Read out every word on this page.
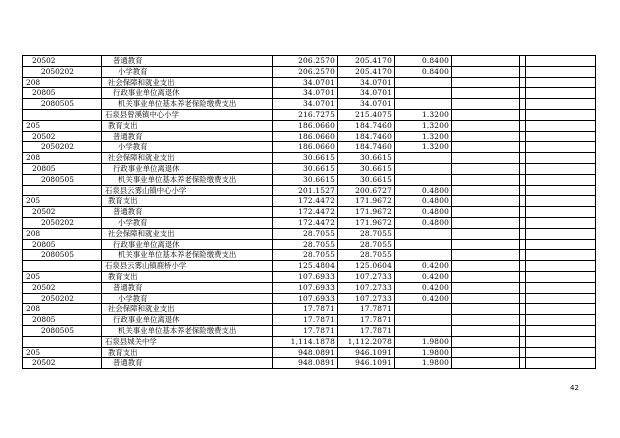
20502	普通教育	206.2570	205.4170	0.8400			
2050202	小学教育	206.2570	205.4170	0.8400			
208	社会保障和就业支出	34.0701	34.0701				
20805	行政事业单位离退休	34.0701	34.0701				
2080505	机关事业单位基本养老保险缴费支出	34.0701	34.0701				
	石泉县曾溪镇中心小学	216.7275	215.4075	1.3200			
205	教育支出	186.0660	184.7460	1.3200			
20502	普通教育	186.0660	184.7460	1.3200			
2050202	小学教育	186.0660	184.7460	1.3200			
208	社会保障和就业支出	30.6615	30.6615				
20805	行政事业单位离退休	30.6615	30.6615				
2080505	机关事业单位基本养老保险缴费支出	30.6615	30.6615				
	石泉县云雾山镇中心小学	201.1527	200.6727	0.4800			
205	教育支出	172.4472	171.9672	0.4800			
20502	普通教育	172.4472	171.9672	0.4800			
2050202	小学教育	172.4472	171.9672	0.4800			
208	社会保障和就业支出	28.7055	28.7055				
20805	行政事业单位离退休	28.7055	28.7055				
2080505	机关事业单位基本养老保险缴费支出	28.7055	28.7055				
	石泉县云雾山镇鹿桥小学	125.4804	125.0604	0.4200			
205	教育支出	107.6933	107.2733	0.4200			
20502	普通教育	107.6933	107.2733	0.4200			
2050202	小学教育	107.6933	107.2733	0.4200			
208	社会保障和就业支出	17.7871	17.7871				
20805	行政事业单位离退休	17.7871	17.7871				
2080505	机关事业单位基本养老保险缴费支出	17.7871	17.7871				
	石泉县城关中学	1,114.1878	1,112.2078	1.9800			
205	教育支出	948.0891	946.1091	1.9800			
20502	普通教育	948.0891	946.1091	1.9800			
42
